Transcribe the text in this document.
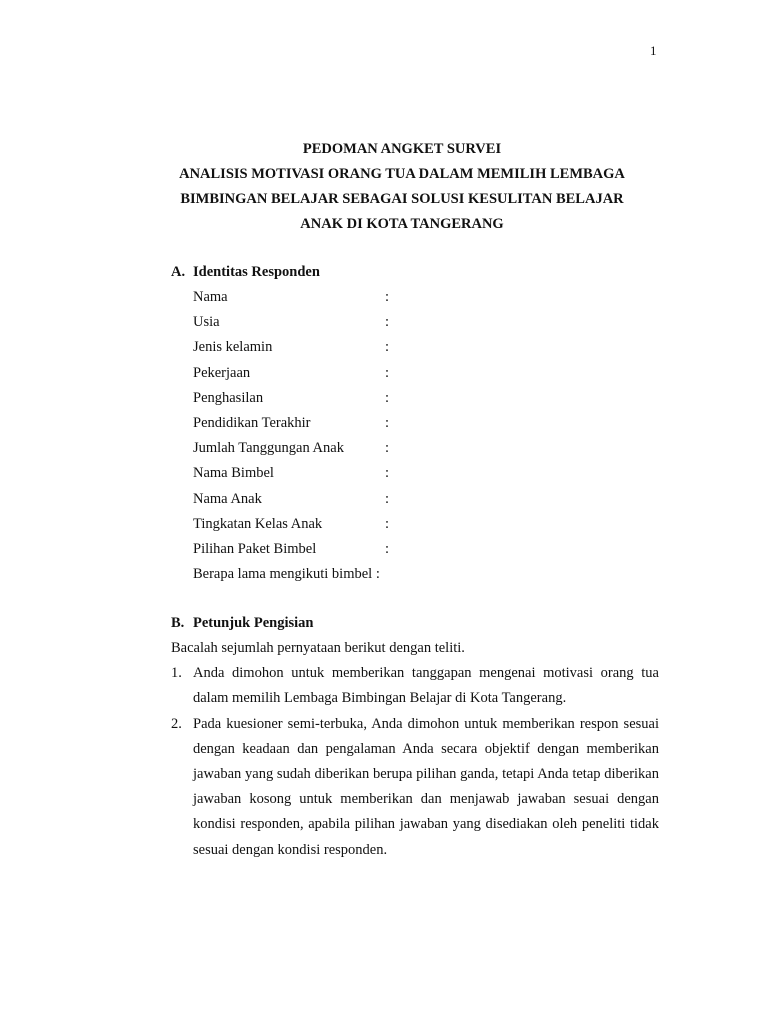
1
PEDOMAN ANGKET SURVEI
ANALISIS MOTIVASI ORANG TUA DALAM MEMILIH LEMBAGA
BIMBINGAN BELAJAR SEBAGAI SOLUSI KESULITAN BELAJAR
ANAK DI KOTA TANGERANG
A. Identitas Responden
Nama	:
Usia	:
Jenis kelamin	:
Pekerjaan	:
Penghasilan	:
Pendidikan Terakhir	:
Jumlah Tanggungan Anak	:
Nama Bimbel	:
Nama Anak	:
Tingkatan Kelas Anak	:
Pilihan Paket Bimbel	:
Berapa lama mengikuti bimbel :
B. Petunjuk Pengisian
Bacalah sejumlah pernyataan berikut dengan teliti.
1. Anda dimohon untuk memberikan tanggapan mengenai motivasi orang tua dalam memilih Lembaga Bimbingan Belajar di Kota Tangerang.
2. Pada kuesioner semi-terbuka, Anda dimohon untuk memberikan respon sesuai dengan keadaan dan pengalaman Anda secara objektif dengan memberikan jawaban yang sudah diberikan berupa pilihan ganda, tetapi Anda tetap diberikan jawaban kosong untuk memberikan dan menjawab jawaban sesuai dengan kondisi responden, apabila pilihan jawaban yang disediakan oleh peneliti tidak sesuai dengan kondisi responden.
